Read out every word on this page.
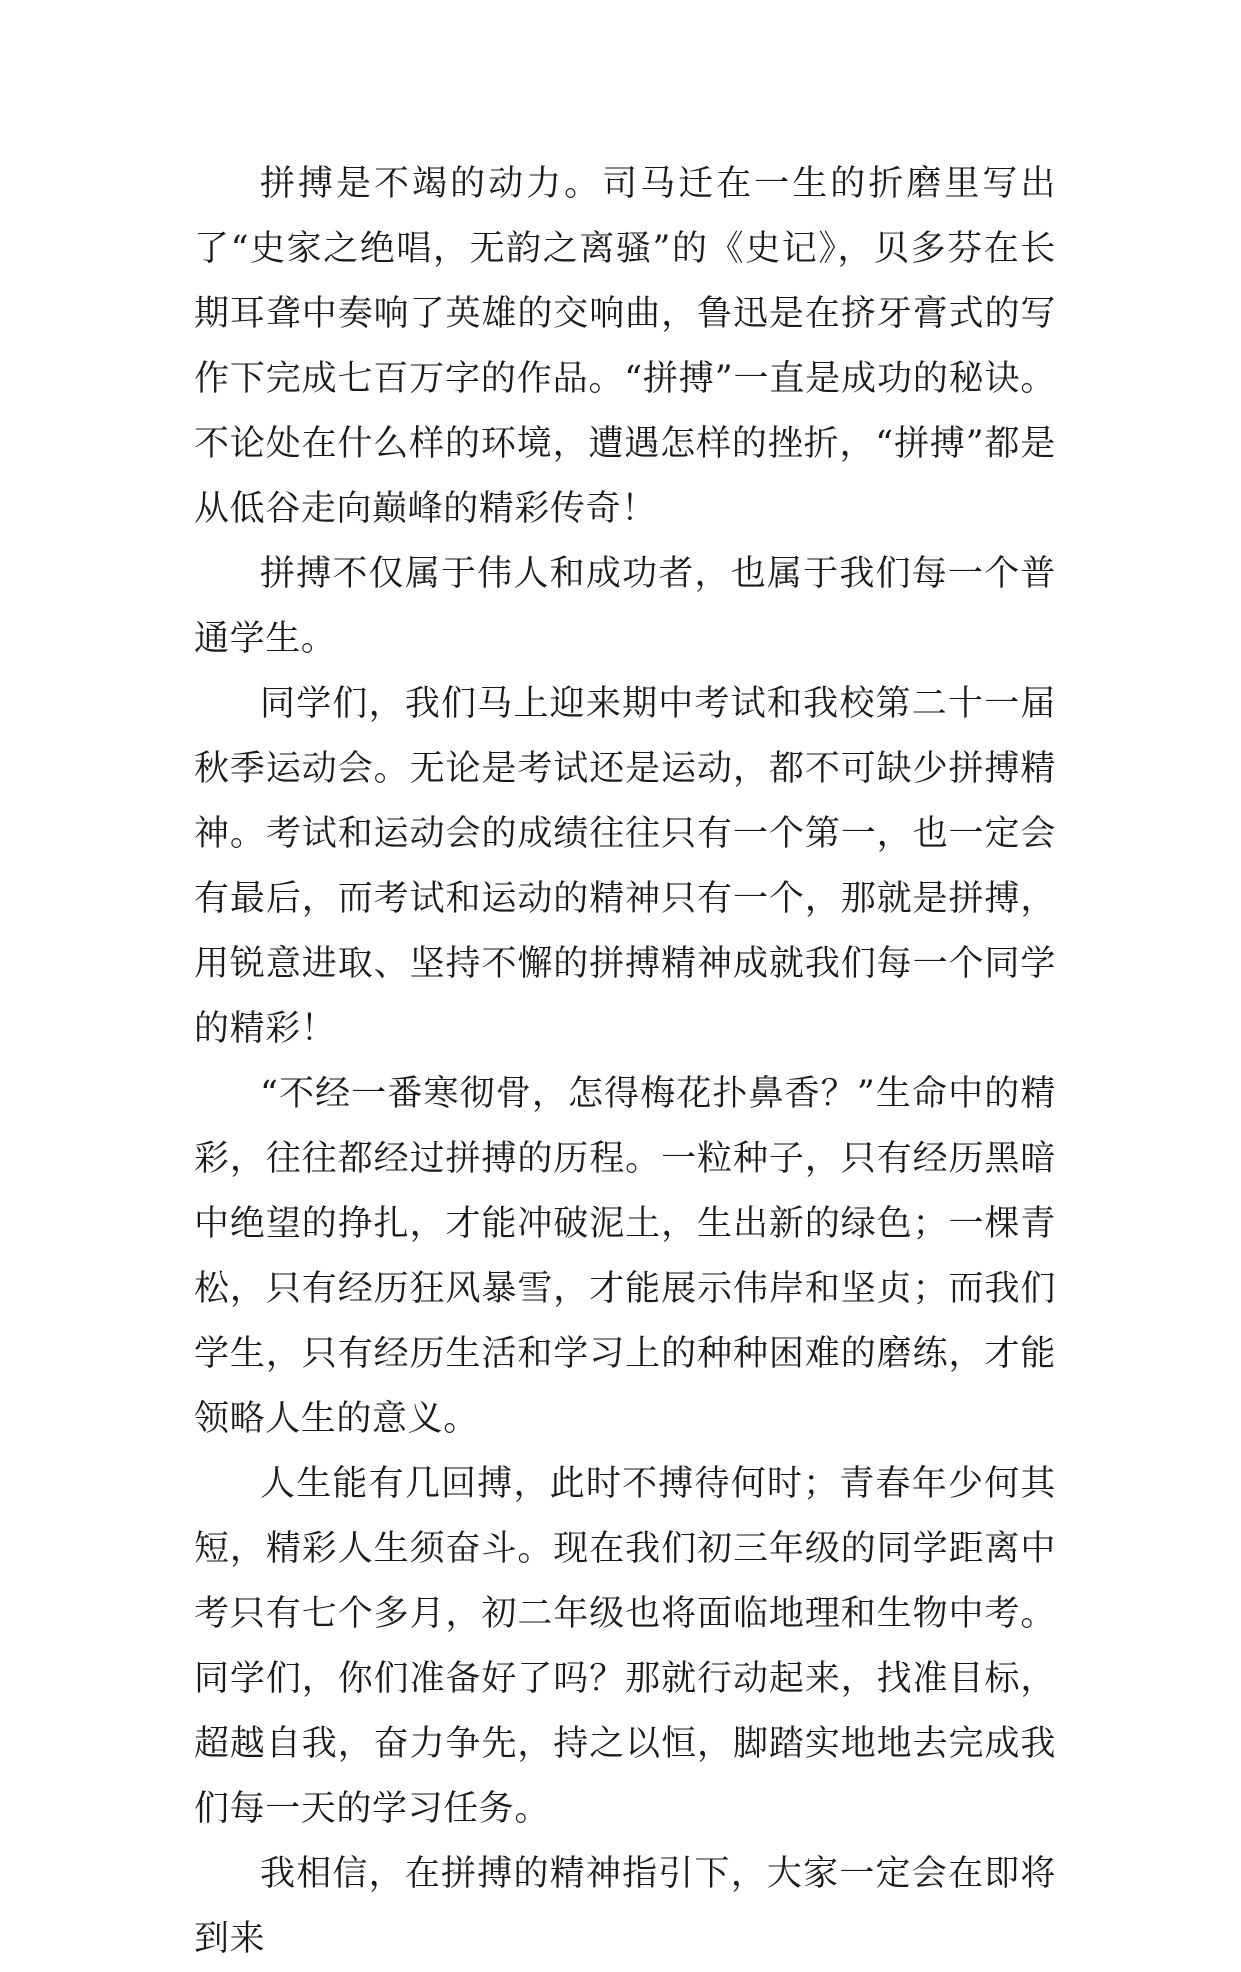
拼搏是不竭的动力。司马迁在一生的折磨里写出了“史家之绝唱，无韵之离骚”的《史记》，贝多芬在长期耳聋中奏响了英雄的交响曲，鲁迅是在挤牙膏式的写作下完成七百万字的作品。“拼搏”一直是成功的秘诀。不论处在什么样的环境，遭遇怎样的挫折，“拼搏”都是从低谷走向巅峰的精彩传奇！

拼搏不仅属于伟人和成功者，也属于我们每一个普通学生。

同学们，我们马上迎来期中考试和我校第二十一届秋季运动会。无论是考试还是运动，都不可缺少拼搏精神。考试和运动会的成绩往往只有一个第一，也一定会有最后，而考试和运动的精神只有一个，那就是拼搏，用锐意进取、坚持不懈的拼搏精神成就我们每一个同学的精彩！

“不经一番寒彻骨，怎得梅花扑鼻香？”生命中的精彩，往往都经过拼搏的历程。一粒种子，只有经历黑暗中绝望的挣扎，才能冲破泥土，生出新的绿色；一棵青松，只有经历狂风暴雪，才能展示伟岸和坚贞；而我们学生，只有经历生活和学习上的种种困难的磨练，才能领略人生的意义。

人生能有几回搏，此时不搏待何时；青春年少何其短，精彩人生须奋斗。现在我们初三年级的同学距离中考只有七个多月，初二年级也将面临地理和生物中考。同学们，你们准备好了吗？那就行动起来，找准目标，超越自我，奋力争先，持之以恒，脚踏实地地去完成我们每一天的学习任务。

我相信，在拼搏的精神指引下，大家一定会在即将到来
